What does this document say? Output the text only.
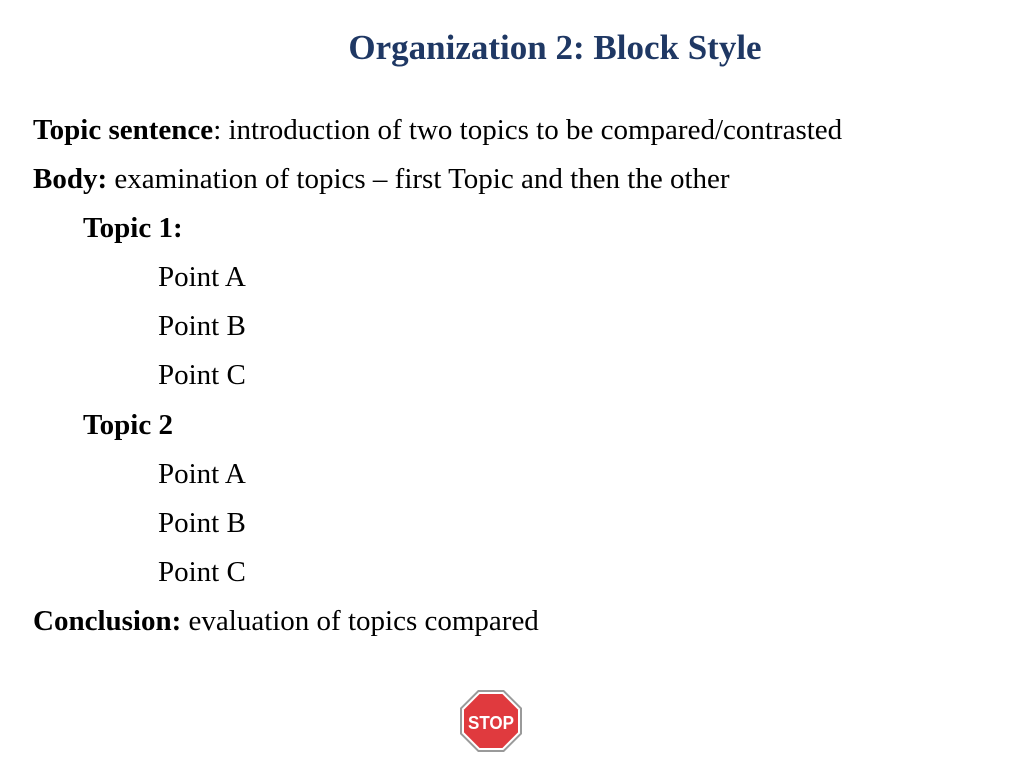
Organization 2: Block Style
Topic sentence: introduction of two topics to be compared/contrasted
Body: examination of topics – first Topic and then the other
Topic 1:
Point A
Point B
Point C
Topic 2
Point A
Point B
Point C
Conclusion: evaluation of topics compared
STOP
